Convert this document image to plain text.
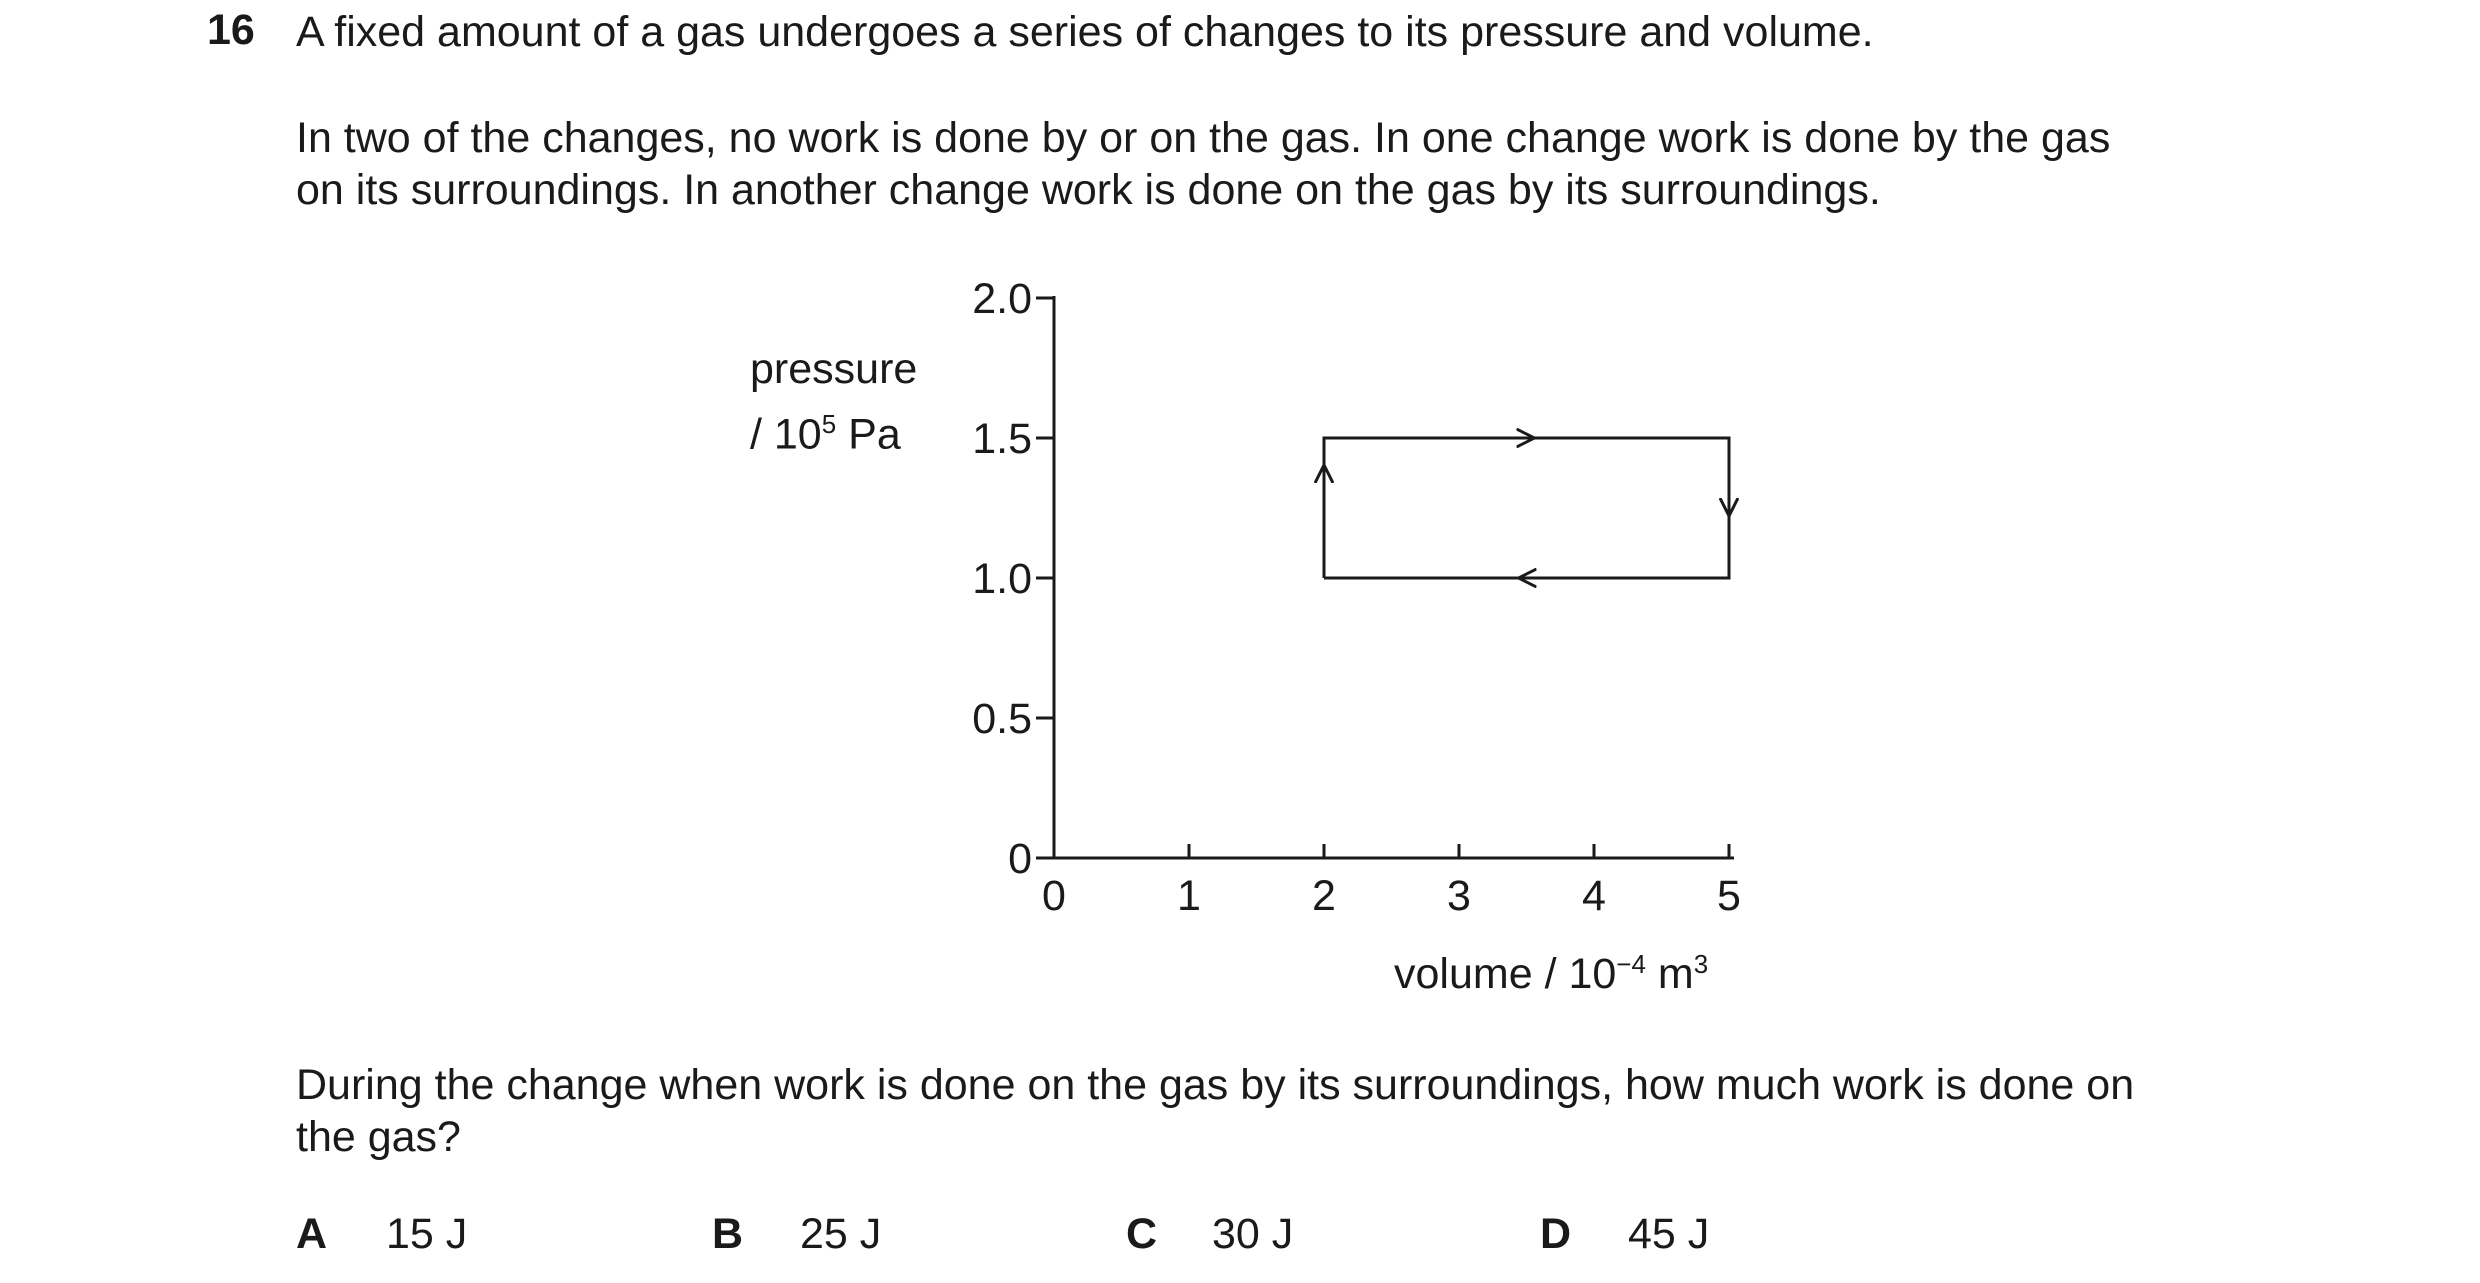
16 A fixed amount of a gas undergoes a series of changes to its pressure and volume.
In two of the changes, no work is done by or on the gas. In one change work is done by the gas
on its surroundings. In another change work is done on the gas by its surroundings.
pressure
/ $10^5$ Pa
0	1	2	3	4	5
0
0.5
1.0
1.5
2.0
volume / $10^{-4}$ $m^3$
During the change when work is done on the gas by its surroundings, how much work is done on
the gas?
A 15 J	B 25 J	C 30 J	D 45 J
